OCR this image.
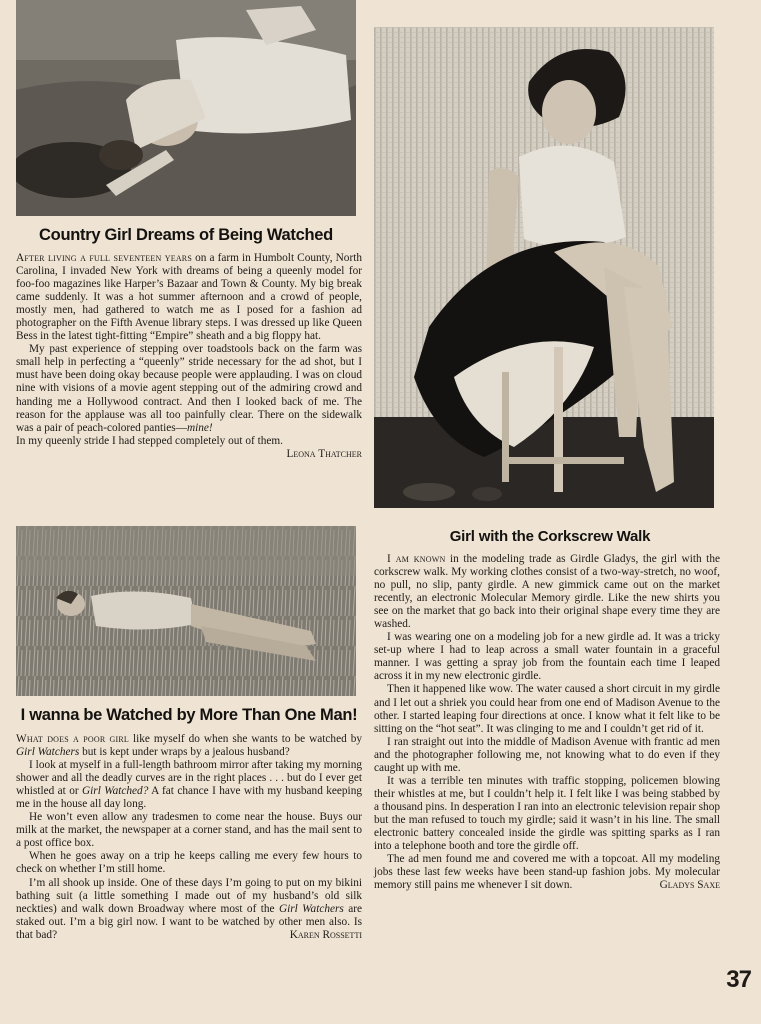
Country Girl Dreams of Being Watched

After living a full seventeen years on a farm in Humbolt County, North Carolina, I invaded New York with dreams of being a queenly model for foo-foo magazines like Harper’s Bazaar and Town & County. My big break came suddenly. It was a hot summer afternoon and a crowd of people, mostly men, had gathered to watch me as I posed for a fashion ad photographer on the Fifth Avenue library steps. I was dressed up like Queen Bess in the latest tight-fitting “Empire” sheath and a big floppy hat.

My past experience of stepping over toadstools back on the farm was small help in perfecting a “queenly” stride necessary for the ad shot, but I must have been doing okay because people were applauding. I was on cloud nine with visions of a movie agent stepping out of the admiring crowd and handing me a Hollywood contract. And then I looked back of me. The reason for the applause was all too painfully clear. There on the sidewalk was a pair of peach-colored panties—mine!

In my queenly stride I had stepped completely out of them.

Leona Thatcher
I wanna be Watched by More Than One Man!

What does a poor girl like myself do when she wants to be watched by Girl Watchers but is kept under wraps by a jealous husband?

I look at myself in a full-length bathroom mirror after taking my morning shower and all the deadly curves are in the right places . . . but do I ever get whistled at or Girl Watched? A fat chance I have with my husband keeping me in the house all day long.

He won’t even allow any tradesmen to come near the house. Buys our milk at the market, the newspaper at a corner stand, and has the mail sent to a post office box.

When he goes away on a trip he keeps calling me every few hours to check on whether I’m still home.

I’m all shook up inside. One of these days I’m going to put on my bikini bathing suit (a little something I made out of my husband’s old silk neckties) and walk down Broadway where most of the Girl Watchers are staked out. I’m a big girl now. I want to be watched by other men also. Is that bad?	Karen Rossetti

Girl with the Corkscrew Walk

I am known in the modeling trade as Girdle Gladys, the girl with the corkscrew walk. My working clothes consist of a two-way-stretch, no woof, no pull, no slip, panty girdle. A new gimmick came out on the market recently, an electronic Molecular Memory girdle. Like the new shirts you see on the market that go back into their original shape every time they are washed.

I was wearing one on a modeling job for a new girdle ad. It was a tricky set-up where I had to leap across a small water fountain in a graceful manner. I was getting a spray job from the fountain each time I leaped across it in my new electronic girdle.

Then it happened like wow. The water caused a short circuit in my girdle and I let out a shriek you could hear from one end of Madison Avenue to the other. I started leaping four directions at once. I know what it felt like to be sitting on the “hot seat”. It was clinging to me and I couldn’t get rid of it.

I ran straight out into the middle of Madison Avenue with frantic ad men and the photographer following me, not knowing what to do even if they caught up with me.

It was a terrible ten minutes with traffic stopping, policemen blowing their whistles at me, but I couldn’t help it. I felt like I was being stabbed by a thousand pins. In desperation I ran into an electronic television repair shop but the man refused to touch my girdle; said it wasn’t in his line. The small electronic battery concealed inside the girdle was spitting sparks as I ran into a telephone booth and tore the girdle off.

The ad men found me and covered me with a topcoat. All my modeling jobs these last few weeks have been stand-up fashion jobs. My molecular memory still pains me whenever I sit down.	Gladys Saxe

37
